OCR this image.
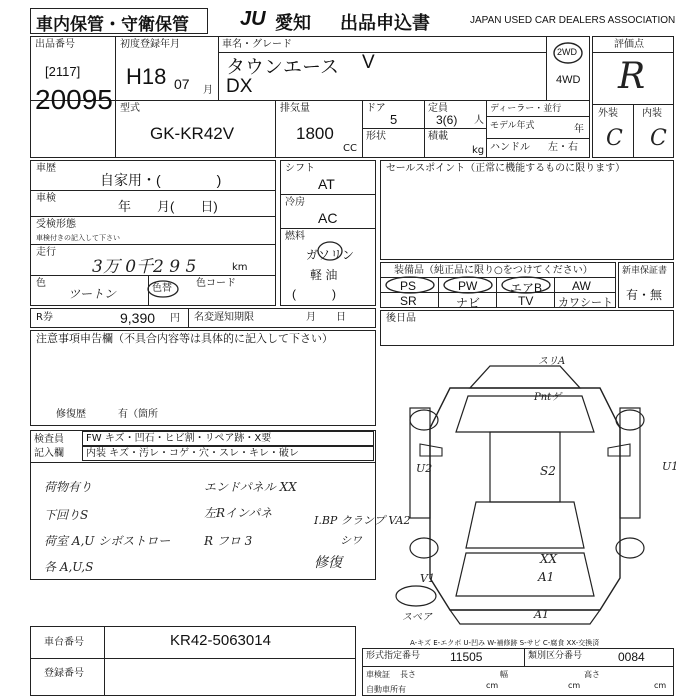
車内保管・守衛保管	JU 愛知 出品申込書	JAPAN USED CAR DEALERS ASSOCIATION
出品番号
[2117]
20095
初度登録年月
H18 07 月
車名・グレード
タウンエース V
DX
2WD
4WD
評価点
R
外装 内装
C C
型式
GK-KR42V
排気量
1800
CC
ドア
5
形状
定員
3(6) 人
積載
kg
ディーラー・並行
モデル年式	年
ハンドル 左・右
車歴
自家用・(　　　　)
車検
年　　月(　　日)
受検形態
車検付きの記入して下さい
走行
3万 0千2 9 5	km
色
ツートン	色替 色コード
R券	9,390 円 名変遅知期限	月　　日
シフト
AT
冷房
AC
燃料
ガソリン
軽 油
(　　　)
セールスポイント（正常に機能するものに限ります）
装備品（純正品に限り○をつけてください）
PS	PW	エアB AW
SR	ナビ	TV カワシート
新車保証書
有・無
注意事項申告欄（不具合内容等は具体的に記入して下さい）
修復歴	有（箇所
後日品
検査員
記入欄
FW キズ・凹石・ヒビ割・リペア跡・X要
内装 キズ・汚レ・コゲ・穴・スレ・キレ・破レ
荷物有り
下回りS
荷室 A,U シボストロー
各 A,U,S
エンドパネル XX
左Rインパネ
R フロ 3
修復
I.BP クランプ VA2
シワ
スリA
Pntゲ
U2	U1
S2
XX
A1
V1
スペア	A1
A-キズ E-エクボ U-凹み W-補修跡 S-サビ C-腐食 XX-交換済
車台番号	KR42-5063014
登録番号
形式指定番号 11505	類別区分番号	0084
車検証 長さ
cm
幅
cm
高さ
cm
自動車所有
